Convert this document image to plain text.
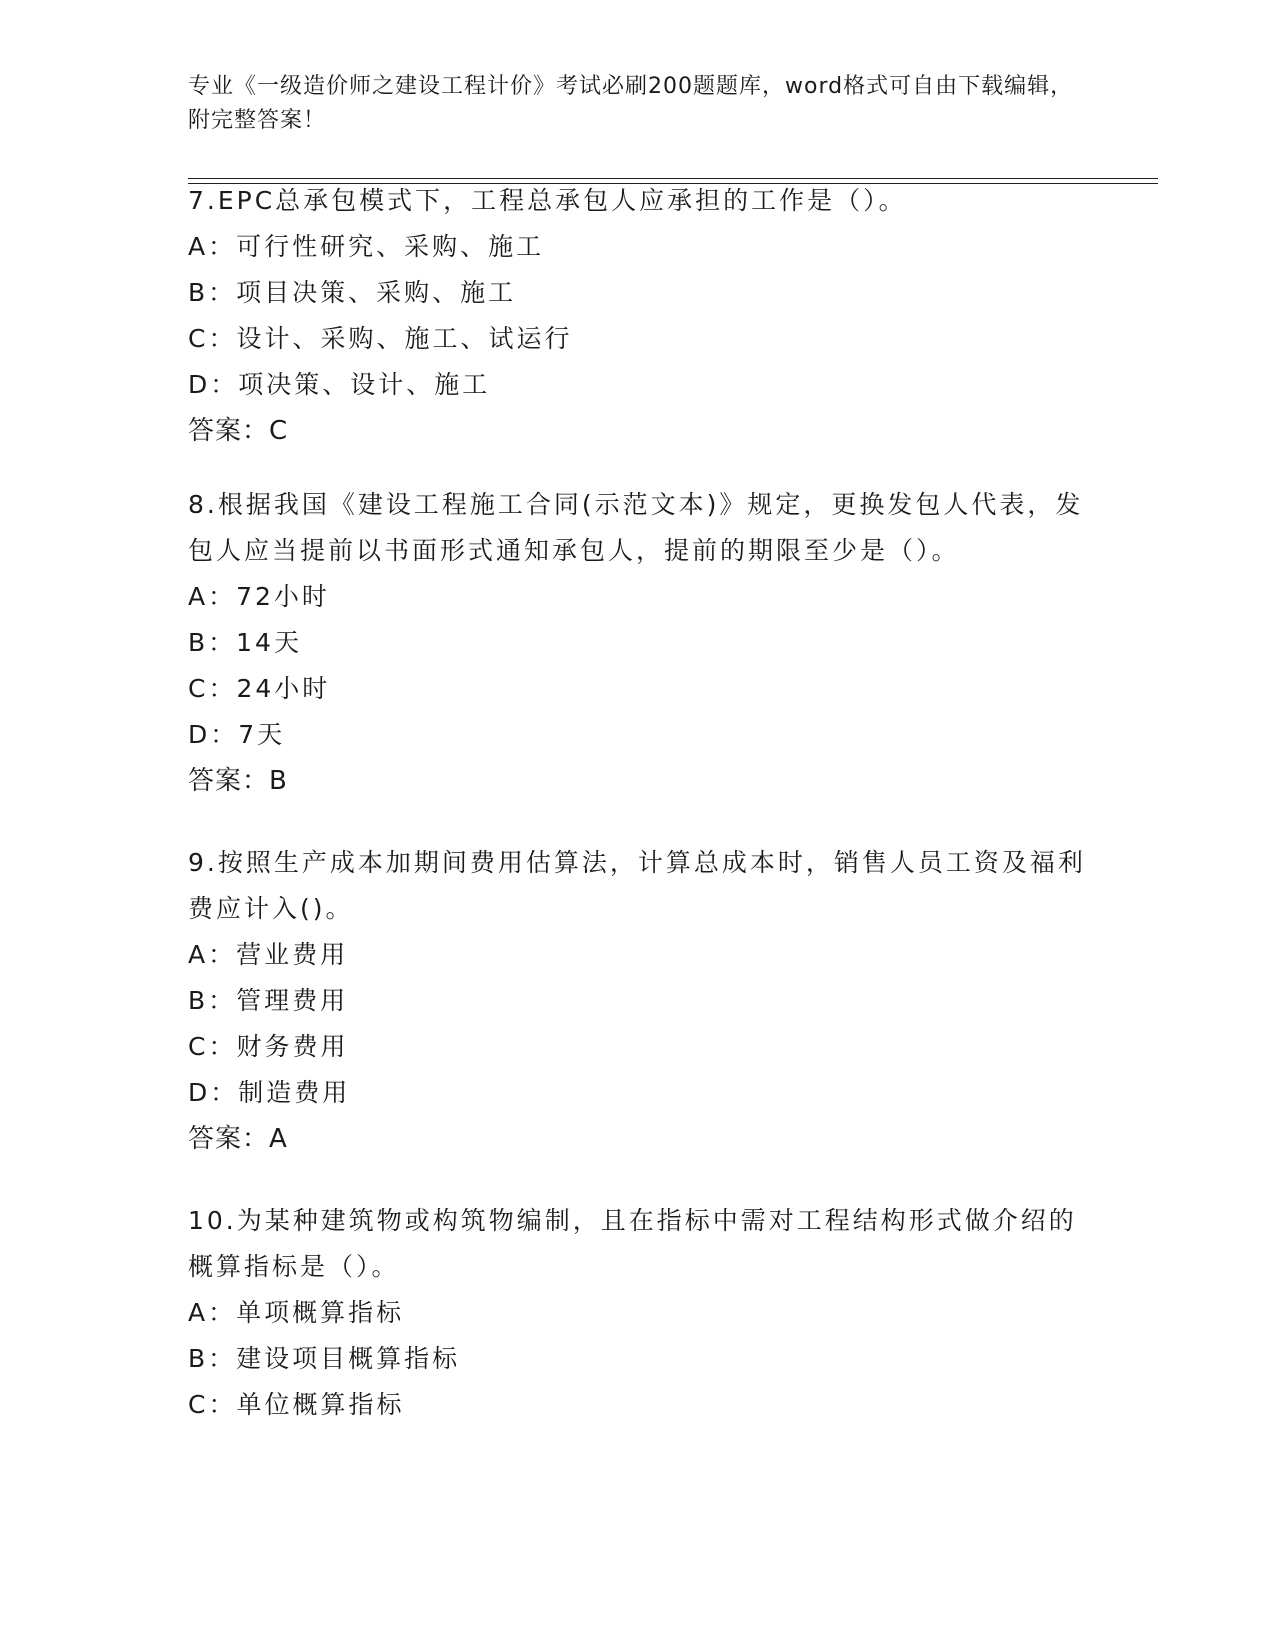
专业《一级造价师之建设工程计价》考试必刷200题题库，word格式可自由下载编辑，附完整答案！
7.EPC总承包模式下，工程总承包人应承担的工作是（）。
A：可行性研究、采购、施工
B：项目决策、采购、施工
C：设计、采购、施工、试运行
D：项决策、设计、施工
答案：C
8.根据我国《建设工程施工合同(示范文本)》规定，更换发包人代表，发包人应当提前以书面形式通知承包人，提前的期限至少是（）。
A：72小时
B：14天
C：24小时
D：7天
答案：B
9.按照生产成本加期间费用估算法，计算总成本时，销售人员工资及福利费应计入()。
A：营业费用
B：管理费用
C：财务费用
D：制造费用
答案：A
10.为某种建筑物或构筑物编制，且在指标中需对工程结构形式做介绍的概算指标是（）。
A：单项概算指标
B：建设项目概算指标
C：单位概算指标
